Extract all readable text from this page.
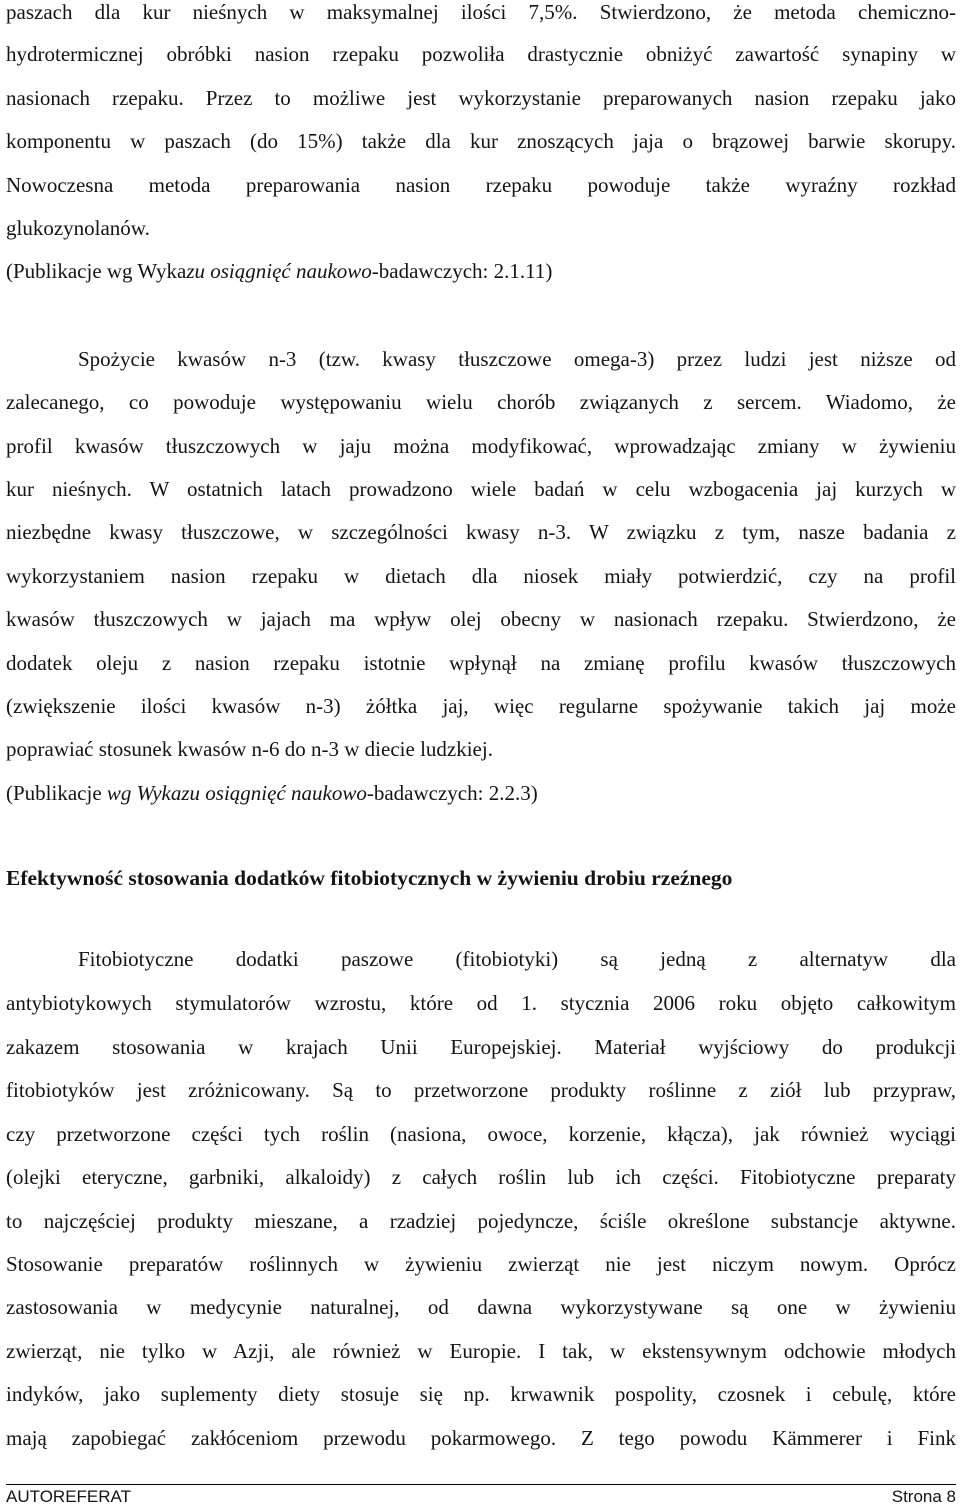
paszach dla kur nieśnych w maksymalnej ilości 7,5%. Stwierdzono, że metoda chemiczno-
hydrotermicznej obróbki nasion rzepaku pozwoliła drastycznie obniżyć zawartość synapiny w
nasionach rzepaku. Przez to możliwe jest wykorzystanie preparowanych nasion rzepaku jako
komponentu w paszach (do 15%) także dla kur znoszących jaja o brązowej barwie skorupy.
Nowoczesna metoda preparowania nasion rzepaku powoduje także wyraźny rozkład
glukozynolanów.
(Publikacje wg Wykazu osiągnięć naukowo-badawczych: 2.1.11)
Spożycie kwasów n-3 (tzw. kwasy tłuszczowe omega-3) przez ludzi jest niższe od
zalecanego, co powoduje występowaniu wielu chorób związanych z sercem. Wiadomo, że
profil kwasów tłuszczowych w jaju można modyfikować, wprowadzając zmiany w żywieniu
kur nieśnych. W ostatnich latach prowadzono wiele badań w celu wzbogacenia jaj kurzych w
niezbędne kwasy tłuszczowe, w szczególności kwasy n-3. W związku z tym, nasze badania z
wykorzystaniem nasion rzepaku w dietach dla niosek miały potwierdzić, czy na profil
kwasów tłuszczowych w jajach ma wpływ olej obecny w nasionach rzepaku. Stwierdzono, że
dodatek oleju z nasion rzepaku istotnie wpłynął na zmianę profilu kwasów tłuszczowych
(zwiększenie ilości kwasów n-3) żółtka jaj, więc regularne spożywanie takich jaj może
poprawiać stosunek kwasów n-6 do n-3 w diecie ludzkiej.
(Publikacje wg Wykazu osiągnięć naukowo-badawczych: 2.2.3)
Efektywność stosowania dodatków fitobiotycznych w żywieniu drobiu rzeźnego
Fitobiotyczne dodatki paszowe (fitobiotyki) są jedną z alternatyw dla
antybiotykowych stymulatorów wzrostu, które od 1. stycznia 2006 roku objęto całkowitym
zakazem stosowania w krajach Unii Europejskiej. Materiał wyjściowy do produkcji
fitobiotyków jest zróżnicowany. Są to przetworzone produkty roślinne z ziół lub przypraw,
czy przetworzone części tych roślin (nasiona, owoce, korzenie, kłącza), jak również wyciągi
(olejki eteryczne, garbniki, alkaloidy) z całych roślin lub ich części. Fitobiotyczne preparaty
to najczęściej produkty mieszane, a rzadziej pojedyncze, ściśle określone substancje aktywne.
Stosowanie preparatów roślinnych w żywieniu zwierząt nie jest niczym nowym. Oprócz
zastosowania w medycynie naturalnej, od dawna wykorzystywane są one w żywieniu
zwierząt, nie tylko w Azji, ale również w Europie. I tak, w ekstensywnym odchowie młodych
indyków, jako suplementy diety stosuje się np. krwawnik pospolity, czosnek i cebulę, które
mają zapobiegać zakłóceniom przewodu pokarmowego. Z tego powodu Kämmerer i Fink
AUTOREFERAT	Strona 8
